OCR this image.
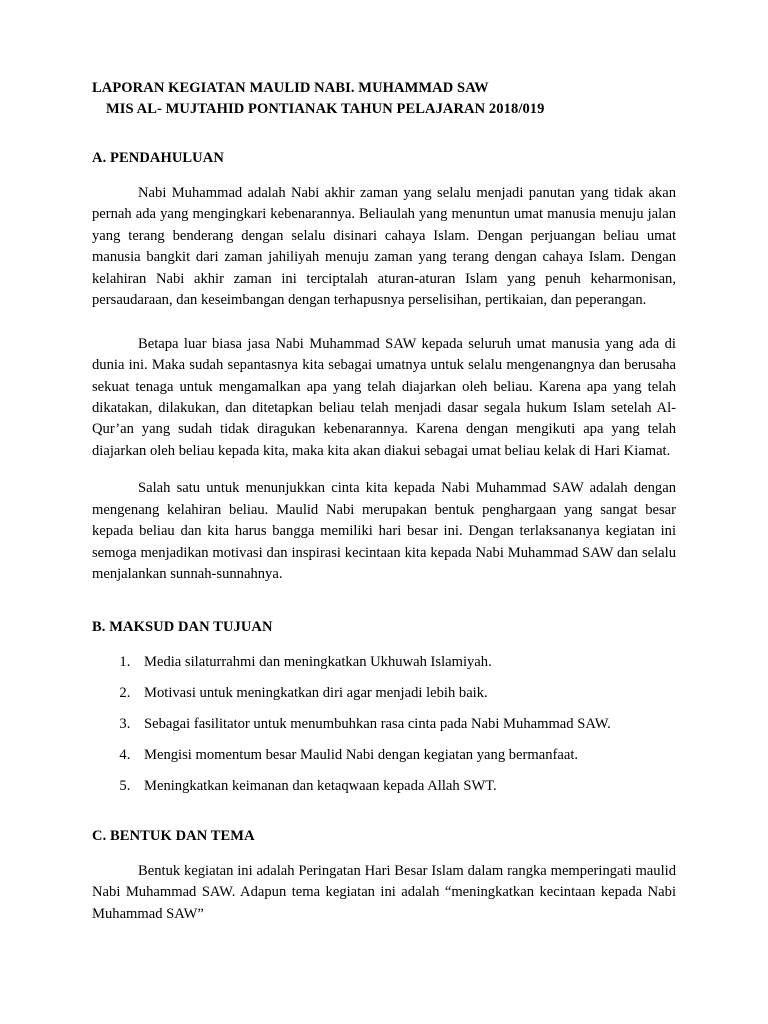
LAPORAN KEGIATAN MAULID NABI. MUHAMMAD SAW
MIS AL- MUJTAHID PONTIANAK TAHUN PELAJARAN 2018/019
A. PENDAHULUAN

Nabi Muhammad adalah Nabi akhir zaman yang selalu menjadi panutan yang tidak akan pernah ada yang mengingkari kebenarannya. Beliaulah yang menuntun umat manusia menuju jalan yang terang benderang dengan selalu disinari cahaya Islam. Dengan perjuangan beliau umat manusia bangkit dari zaman jahiliyah menuju zaman yang terang dengan cahaya Islam. Dengan kelahiran Nabi akhir zaman ini terciptalah aturan-aturan Islam yang penuh keharmonisan, persaudaraan, dan keseimbangan dengan terhapusnya perselisihan, pertikaian, dan peperangan.

Betapa luar biasa jasa Nabi Muhammad SAW kepada seluruh umat manusia yang ada di dunia ini. Maka sudah sepantasnya kita sebagai umatnya untuk selalu mengenangnya dan berusaha sekuat tenaga untuk mengamalkan apa yang telah diajarkan oleh beliau. Karena apa yang telah dikatakan, dilakukan, dan ditetapkan beliau telah menjadi dasar segala hukum Islam setelah Al-Qur’an yang sudah tidak diragukan kebenarannya. Karena dengan mengikuti apa yang telah diajarkan oleh beliau kepada kita, maka kita akan diakui sebagai umat beliau kelak di Hari Kiamat.

Salah satu untuk menunjukkan cinta kita kepada Nabi Muhammad SAW adalah dengan mengenang kelahiran beliau. Maulid Nabi merupakan bentuk penghargaan yang sangat besar kepada beliau dan kita harus bangga memiliki hari besar ini. Dengan terlaksananya kegiatan ini semoga menjadikan motivasi dan inspirasi kecintaan kita kepada Nabi Muhammad SAW dan selalu menjalankan sunnah-sunnahnya.

B. MAKSUD DAN TUJUAN
1. Media silaturrahmi dan meningkatkan Ukhuwah Islamiyah.
2. Motivasi untuk meningkatkan diri agar menjadi lebih baik.
3. Sebagai fasilitator untuk menumbuhkan rasa cinta pada Nabi Muhammad SAW.
4. Mengisi momentum besar Maulid Nabi dengan kegiatan yang bermanfaat.
5. Meningkatkan keimanan dan ketaqwaan kepada Allah SWT.
C. BENTUK DAN TEMA

Bentuk kegiatan ini adalah Peringatan Hari Besar Islam dalam rangka memperingati maulid Nabi Muhammad SAW. Adapun tema kegiatan ini adalah “meningkatkan kecintaan kepada Nabi Muhammad SAW”
